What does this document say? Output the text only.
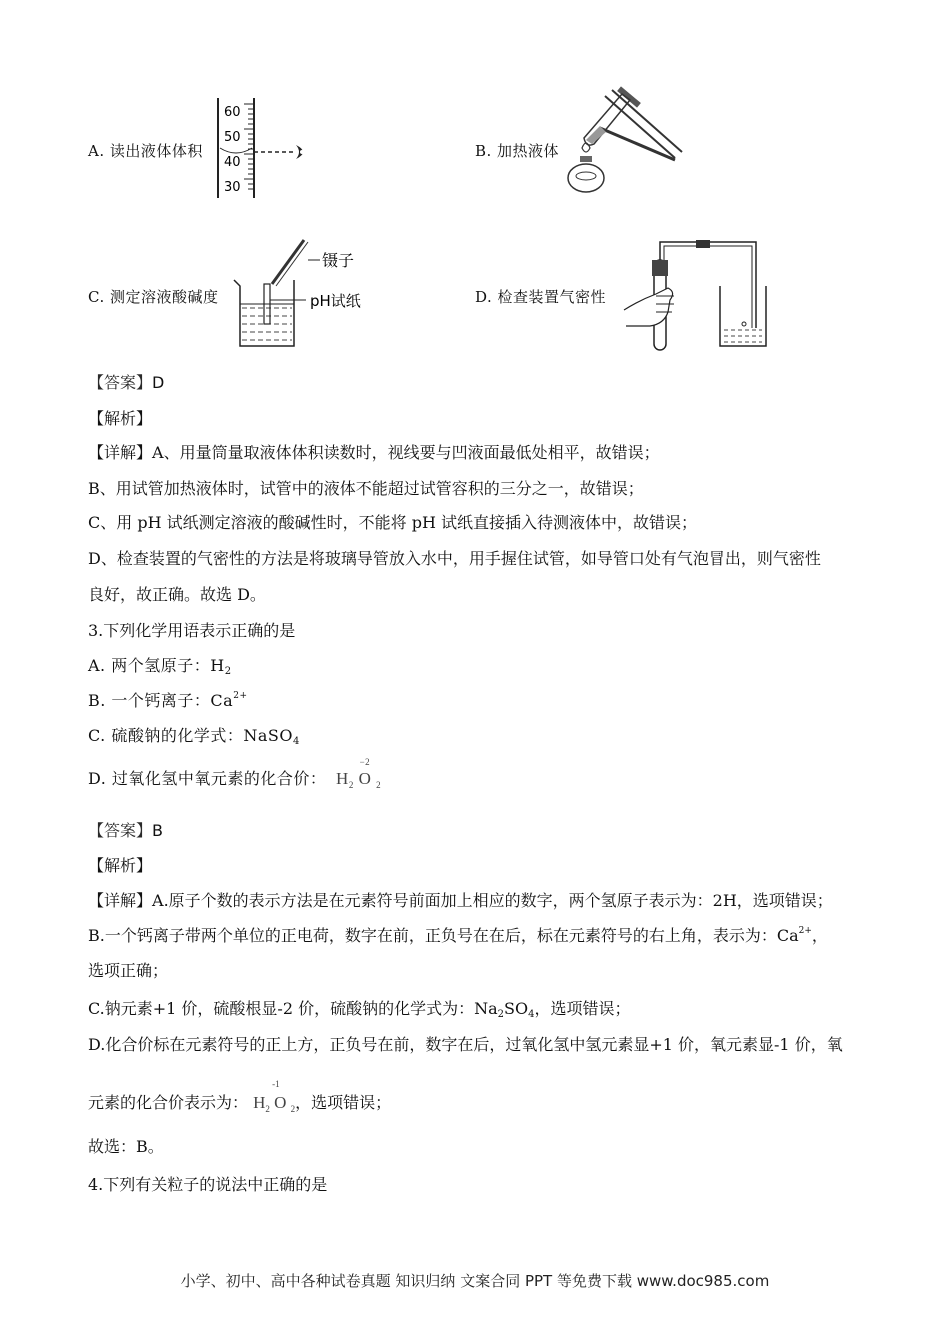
A. 读出液体体积	B. 加热液体
C. 测定溶液酸碱度	D. 检查装置气密性
60
50
40
30
镊子
pH试纸
【答案】D
【解析】
【详解】A、用量筒量取液体体积读数时，视线要与凹液面最低处相平，故错误；
B、用试管加热液体时，试管中的液体不能超过试管容积的三分之一，故错误；
C、用 pH 试纸测定溶液的酸碱性时，不能将 pH 试纸直接插入待测液体中，故错误；
D、检查装置的气密性的方法是将玻璃导管放入水中，用手握住试管，如导管口处有气泡冒出，则气密性
良好，故正确。故选 D。
3.下列化学用语表示正确的是
A. 两个氢原子：$H_2$
B. 一个钙离子：$Ca^{2+}$
C. 硫酸钠的化学式：NaSO$_4$
D. 过氧化氢中氧元素的化合价： $H_2$
−2
O $_2$
【答案】B
【解析】
【详解】A.原子个数的表示方法是在元素符号前面加上相应的数字，两个氢原子表示为：2H，选项错误；
B.一个钙离子带两个单位的正电荷，数字在前，正负号在在后，标在元素符号的右上角，表示为：$Ca^{2+}$，
选项正确；
C.钠元素+1 价，硫酸根显-2 价，硫酸钠的化学式为：$Na_2SO_4$，选项错误；
D.化合价标在元素符号的正上方，正负号在前，数字在后，过氧化氢中氢元素显+1 价，氧元素显-1 价，氧
元素的化合价表示为： $H_2$
-1
O $_2$，选项错误；
故选：B。
4.下列有关粒子的说法中正确的是
小学、初中、高中各种试卷真题 知识归纳 文案合同 PPT 等免费下载 www.doc985.com
